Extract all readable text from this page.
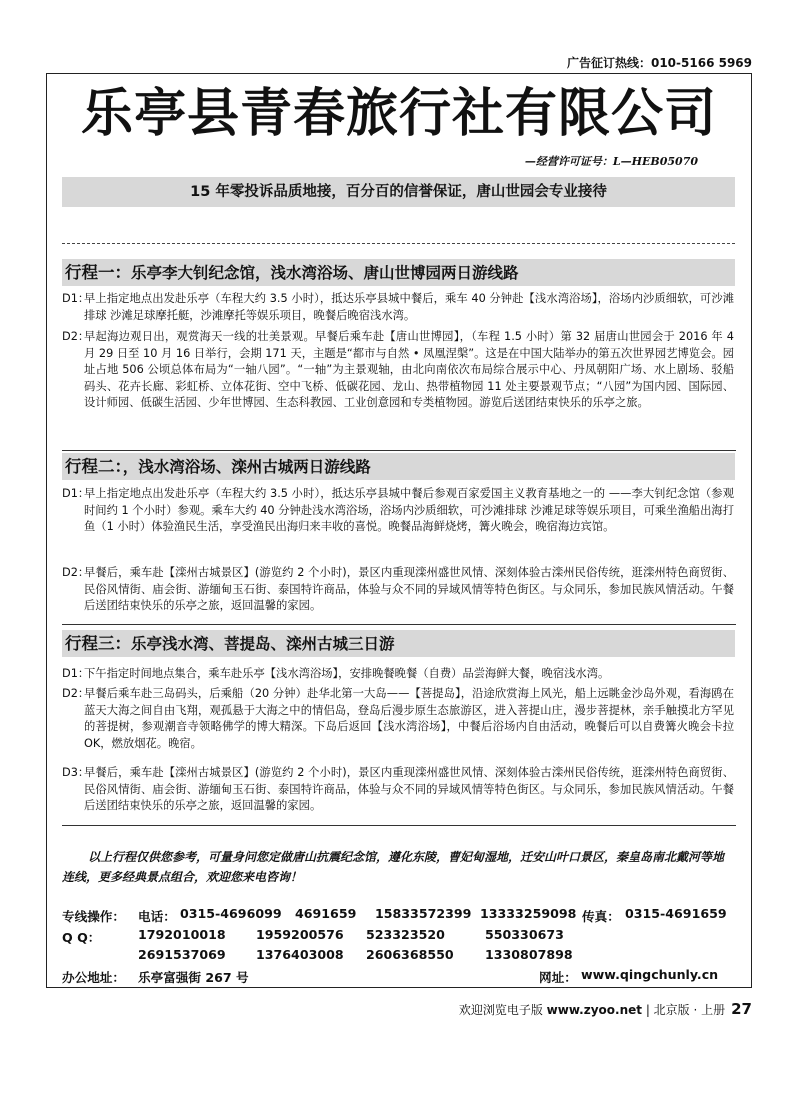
广告征订热线：010-5166 5969
乐亭县青春旅行社有限公司
—经营许可证号：L—HEB05070
15 年零投诉品质地接，百分百的信誉保证，唐山世园会专业接待
行程一：乐亭李大钊纪念馆，浅水湾浴场、唐山世博园两日游线路
D1：
早上指定地点出发赴乐亭（车程大约 3.5 小时），抵达乐亭县城中餐后，乘车 40 分钟赴【浅水湾浴场】，浴场内沙质细软，可沙滩排球 沙滩足球摩托艇，沙滩摩托等娱乐项目，晚餐后晚宿浅水湾。
D2：
早起海边观日出，观赏海天一线的壮美景观。早餐后乘车赴【唐山世博园】，（车程 1.5 小时）第 32 届唐山世园会于 2016 年 4 月 29 日至 10 月 16 日举行，会期 171 天，主题是“都市与自然 • 凤凰涅槃”。这是在中国大陆举办的第五次世界园艺博览会。园址占地 506 公顷总体布局为“一轴八园”。“一轴”为主景观轴，由北向南依次布局综合展示中心、丹凤朝阳广场、水上剧场、驳船码头、花卉长廊、彩虹桥、立体花街、空中飞桥、低碳花园、龙山、热带植物园 11 处主要景观节点；“八园”为国内园、国际园、设计师园、低碳生活园、少年世博园、生态科教园、工业创意园和专类植物园。游览后送团结束快乐的乐亭之旅。
行程二：，浅水湾浴场、滦州古城两日游线路
D1：
早上指定地点出发赴乐亭（车程大约 3.5 小时），抵达乐亭县城中餐后参观百家爱国主义教育基地之一的 ——李大钊纪念馆（参观时间约 1 个小时）参观。乘车大约 40 分钟赴浅水湾浴场，浴场内沙质细软，可沙滩排球 沙滩足球等娱乐项目，可乘坐渔船出海打鱼（1 小时）体验渔民生活，享受渔民出海归来丰收的喜悦。晚餐品海鲜烧烤，篝火晚会，晚宿海边宾馆。
D2：
早餐后，乘车赴【滦州古城景区】(游览约 2 个小时)，景区内重现滦州盛世风情、深刻体验古滦州民俗传统，逛滦州特色商贸街、民俗风情街、庙会街、游缅甸玉石街、泰国特许商品，体验与众不同的异域风情等特色街区。与众同乐，参加民族风情活动。午餐后送团结束快乐的乐亭之旅，返回温馨的家园。
行程三：乐亭浅水湾、菩提岛、滦州古城三日游
D1：
下午指定时间地点集合，乘车赴乐亭【浅水湾浴场】，安排晚餐晚餐（自费）品尝海鲜大餐，晚宿浅水湾。
D2：
早餐后乘车赴三岛码头，后乘船（20 分钟）赴华北第一大岛——【菩提岛】，沿途欣赏海上风光，船上远眺金沙岛外观，看海鸥在蓝天大海之间自由飞翔，观孤悬于大海之中的情侣岛，登岛后漫步原生态旅游区，进入菩提山庄，漫步菩提林，亲手触摸北方罕见的菩提树，参观潮音寺领略佛学的博大精深。下岛后返回【浅水湾浴场】，中餐后浴场内自由活动，晚餐后可以自费篝火晚会卡拉 OK，燃放烟花。晚宿。
D3：
早餐后，乘车赴【滦州古城景区】(游览约 2 个小时)，景区内重现滦州盛世风情、深刻体验古滦州民俗传统，逛滦州特色商贸街、民俗风情街、庙会街、游缅甸玉石街、泰国特许商品，体验与众不同的异域风情等特色街区。与众同乐，参加民族风情活动。午餐后送团结束快乐的乐亭之旅，返回温馨的家园。
以上行程仅供您参考，可量身问您定做唐山抗震纪念馆，遵化东陵，曹妃甸湿地，迁安山叶口景区，秦皇岛南北戴河等地连线，更多经典景点组合，欢迎您来电咨询！
专线操作： 电话： 0315-4696099 4691659 15833572399 13333259098 传真： 0315-4691659
Q Q：	1792010018 1959200576 523323520	550330673
2691537069 1376403008 2606368550 1330807898
办公地址： 乐亭富强街 267 号	网址： www.qingchunly.cn
欢迎浏览电子版 www.zyoo.net | 北京版 · 上册 27
